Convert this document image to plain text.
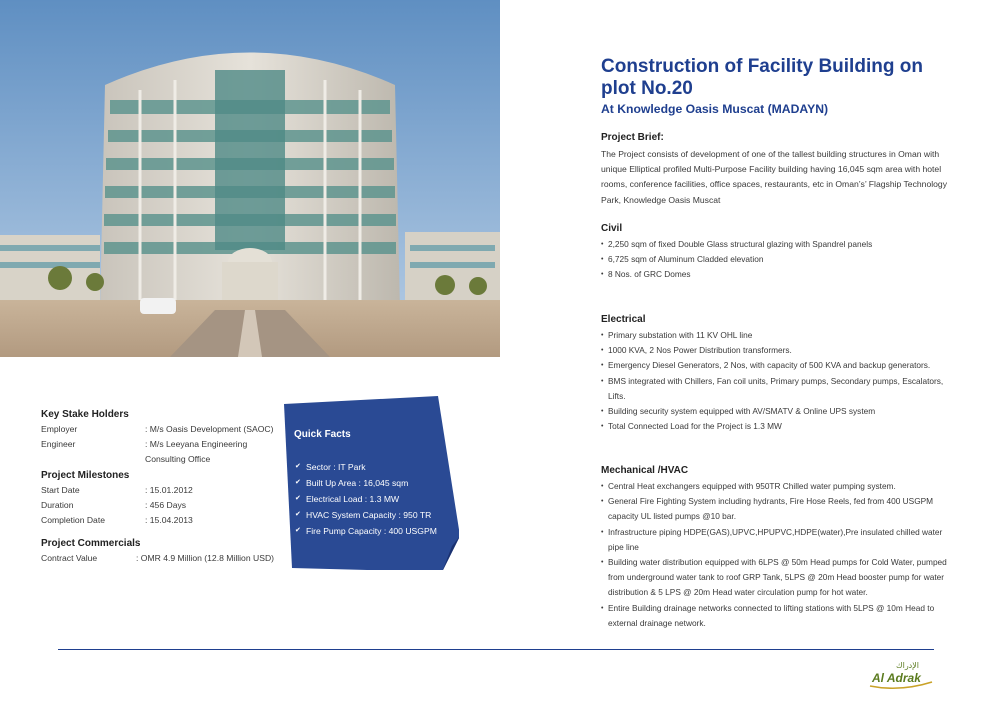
Key Stake Holders
Employer	: M/s Oasis Development (SAOC)
Engineer	: M/s Leeyana Engineering
Consulting Office
Project Milestones
Start Date	: 15.01.2012
Duration	: 456 Days
Completion Date	: 15.04.2013
Project Commercials
Contract Value	: OMR 4.9 Million (12.8 Million USD)
Quick Facts
✔ Sector : IT Park
✔ Built Up Area : 16,045 sqm
✔ Electrical Load : 1.3 MW
✔ HVAC System Capacity : 950 TR
✔ Fire Pump Capacity : 400 USGPM
Construction of Facility Building on plot No.20
At Knowledge Oasis Muscat (MADAYN)
Project Brief:

The Project consists of development of one of the tallest building structures in Oman with unique Elliptical profiled Multi-Purpose Facility building having 16,045 sqm area with hotel rooms, conference facilities, office spaces, restaurants, etc in Oman’s’ Flagship Technology Park, Knowledge Oasis Muscat

Civil
• 2,250 sqm of fixed Double Glass structural glazing with Spandrel panels
• 6,725 sqm of Aluminum Cladded elevation
• 8 Nos. of GRC Domes
Electrical
• Primary substation with 11 KV OHL line
• 1000 KVA, 2 Nos Power Distribution transformers.
• Emergency Diesel Generators, 2 Nos, with capacity of 500 KVA and backup generators.
• BMS integrated with Chillers, Fan coil units, Primary pumps, Secondary pumps, Escalators, Lifts.
• Building security system equipped with AV/SMATV & Online UPS system
• Total Connected Load for the Project is 1.3 MW
Mechanical /HVAC
• Central Heat exchangers equipped with 950TR Chilled water pumping system.
• General Fire Fighting System including hydrants, Fire Hose Reels, fed from 400 USGPM capacity UL listed pumps @10 bar.
• Infrastructure piping HDPE(GAS),UPVC,HPUPVC,HDPE(water),Pre insulated chilled water pipe line
• Building water distribution equipped with 6LPS @ 50m Head pumps for Cold Water, pumped from underground water tank to roof GRP Tank, 5LPS @ 20m Head booster pump for water distribution & 5 LPS @ 20m Head water circulation pump for hot water.
• Entire Building drainage networks connected to lifting stations with 5LPS @ 10m Head to external drainage network.
الإدراك
Al Adrak
